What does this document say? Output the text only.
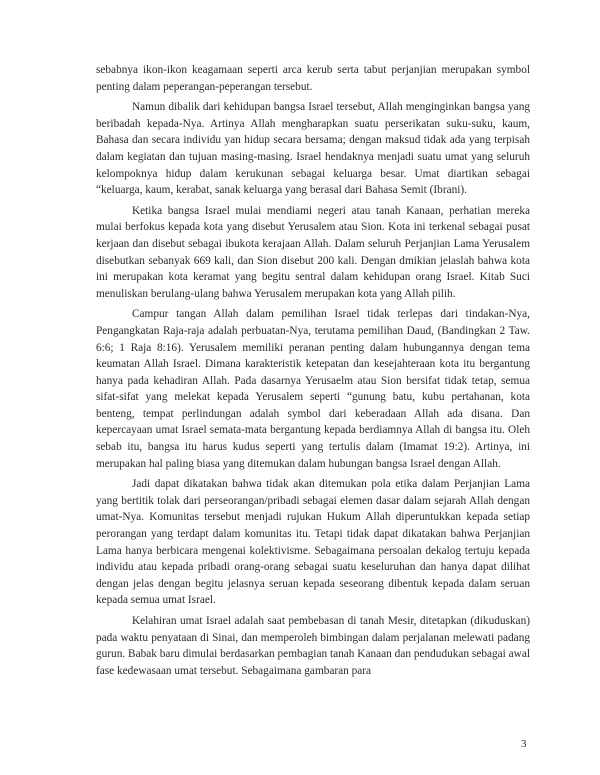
sebabnya ikon-ikon keagamaan seperti arca kerub serta tabut perjanjian merupakan symbol penting dalam peperangan-peperangan tersebut.

Namun dibalik dari kehidupan bangsa Israel tersebut, Allah menginginkan bangsa yang beribadah kepada-Nya. Artinya Allah mengharapkan suatu perserikatan suku-suku, kaum, Bahasa dan secara individu yan hidup secara bersama; dengan maksud tidak ada yang terpisah dalam kegiatan dan tujuan masing-masing. Israel hendaknya menjadi suatu umat yang seluruh kelompoknya hidup dalam kerukunan sebagai keluarga besar. Umat diartikan sebagai “keluarga, kaum, kerabat, sanak keluarga yang berasal dari Bahasa Semit (Ibrani).

Ketika bangsa Israel mulai mendiami negeri atau tanah Kanaan, perhatian mereka mulai berfokus kepada kota yang disebut Yerusalem atau Sion. Kota ini terkenal sebagai pusat kerjaan dan disebut sebagai ibukota kerajaan Allah. Dalam seluruh Perjanjian Lama Yerusalem disebutkan sebanyak 669 kali, dan Sion disebut 200 kali. Dengan dmikian jelaslah bahwa kota ini merupakan kota keramat yang begitu sentral dalam kehidupan orang Israel. Kitab Suci menuliskan berulang-ulang bahwa Yerusalem merupakan kota yang Allah pilih.

Campur tangan Allah dalam pemilihan Israel tidak terlepas dari tindakan-Nya, Pengangkatan Raja-raja adalah perbuatan-Nya, terutama pemilihan Daud, (Bandingkan 2 Taw. 6:6; 1 Raja 8:16). Yerusalem memiliki peranan penting dalam hubungannya dengan tema keumatan Allah Israel. Dimana karakteristik ketepatan dan kesejahteraan kota itu bergantung hanya pada kehadiran Allah. Pada dasarnya Yerusaelm atau Sion bersifat tidak tetap, semua sifat-sifat yang melekat kepada Yerusalem seperti “gunung batu, kubu pertahanan, kota benteng, tempat perlindungan adalah symbol dari keberadaan Allah ada disana. Dan kepercayaan umat Israel semata-mata bergantung kepada berdiamnya Allah di bangsa itu. Oleh sebab itu, bangsa itu harus kudus seperti yang tertulis dalam (Imamat 19:2). Artinya, ini merupakan hal paling biasa yang ditemukan dalam hubungan bangsa Israel dengan Allah.

Jadi dapat dikatakan bahwa tidak akan ditemukan pola etika dalam Perjanjian Lama yang bertitik tolak dari perseorangan/pribadi sebagai elemen dasar dalam sejarah Allah dengan umat-Nya. Komunitas tersebut menjadi rujukan Hukum Allah diperuntukkan kepada setiap perorangan yang terdapt dalam komunitas itu. Tetapi tidak dapat dikatakan bahwa Perjanjian Lama hanya berbicara mengenai kolektivisme. Sebagaimana persoalan dekalog tertuju kepada individu atau kepada pribadi orang-orang sebagai suatu keseluruhan dan hanya dapat dilihat dengan jelas dengan begitu jelasnya seruan kepada seseorang dibentuk kepada dalam seruan kepada semua umat Israel.

Kelahiran umat Israel adalah saat pembebasan di tanah Mesir, ditetapkan (dikuduskan) pada waktu penyataan di Sinai, dan memperoleh bimbingan dalam perjalanan melewati padang gurun. Babak baru dimulai berdasarkan pembagian tanah Kanaan dan pendudukan sebagai awal fase kedewasaan umat tersebut. Sebagaimana gambaran para

3
